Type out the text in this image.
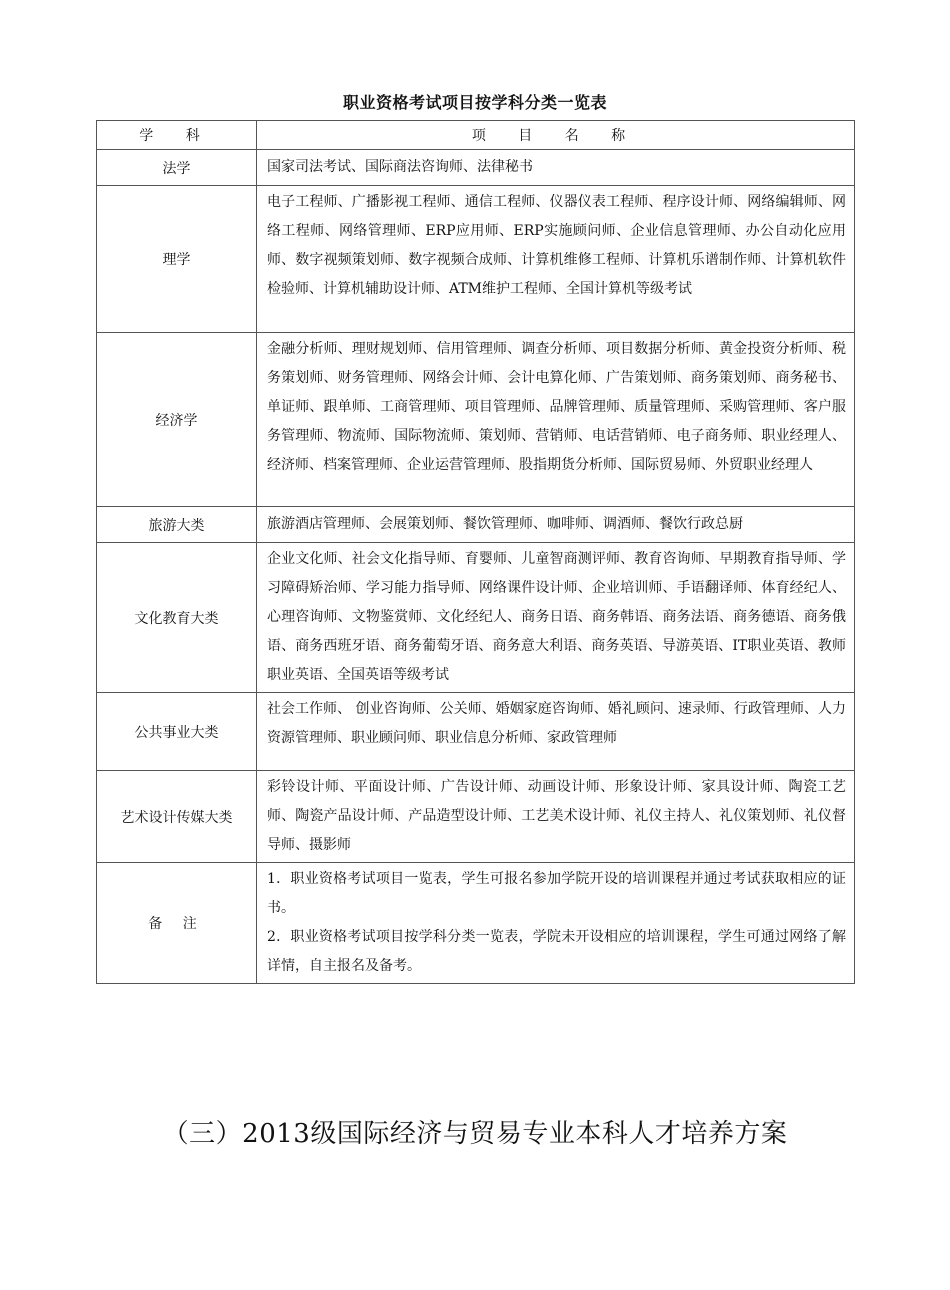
职业资格考试项目按学科分类一览表
学 科	项 目 名 称
法学	国家司法考试、国际商法咨询师、法律秘书
理学	电子工程师、广播影视工程师、通信工程师、仪器仪表工程师、程序设计师、网络编辑师、网络工程师、网络管理师、ERP应用师、ERP实施顾问师、企业信息管理师、办公自动化应用师、数字视频策划师、数字视频合成师、计算机维修工程师、计算机乐谱制作师、计算机软件检验师、计算机辅助设计师、ATM维护工程师、全国计算机等级考试
经济学	金融分析师、理财规划师、信用管理师、调查分析师、项目数据分析师、黄金投资分析师、税务策划师、财务管理师、网络会计师、会计电算化师、广告策划师、商务策划师、商务秘书、单证师、跟单师、工商管理师、项目管理师、品牌管理师、质量管理师、采购管理师、客户服务管理师、物流师、国际物流师、策划师、营销师、电话营销师、电子商务师、职业经理人、经济师、档案管理师、企业运营管理师、股指期货分析师、国际贸易师、外贸职业经理人
旅游大类	旅游酒店管理师、会展策划师、餐饮管理师、咖啡师、调酒师、餐饮行政总厨
文化教育大类	企业文化师、社会文化指导师、育婴师、儿童智商测评师、教育咨询师、早期教育指导师、学习障碍矫治师、学习能力指导师、网络课件设计师、企业培训师、手语翻译师、体育经纪人、心理咨询师、文物鉴赏师、文化经纪人、商务日语、商务韩语、商务法语、商务德语、商务俄语、商务西班牙语、商务葡萄牙语、商务意大利语、商务英语、导游英语、IT职业英语、教师职业英语、全国英语等级考试
公共事业大类	社会工作师、 创业咨询师、公关师、婚姻家庭咨询师、婚礼顾问、速录师、行政管理师、人力资源管理师、职业顾问师、职业信息分析师、家政管理师
艺术设计传媒大类	彩铃设计师、平面设计师、广告设计师、动画设计师、形象设计师、家具设计师、陶瓷工艺师、陶瓷产品设计师、产品造型设计师、工艺美术设计师、礼仪主持人、礼仪策划师、礼仪督导师、摄影师
备 注	1．职业资格考试项目一览表，学生可报名参加学院开设的培训课程并通过考试获取相应的证书。
2．职业资格考试项目按学科分类一览表，学院未开设相应的培训课程，学生可通过网络了解详情，自主报名及备考。
（三）2013级国际经济与贸易专业本科人才培养方案
